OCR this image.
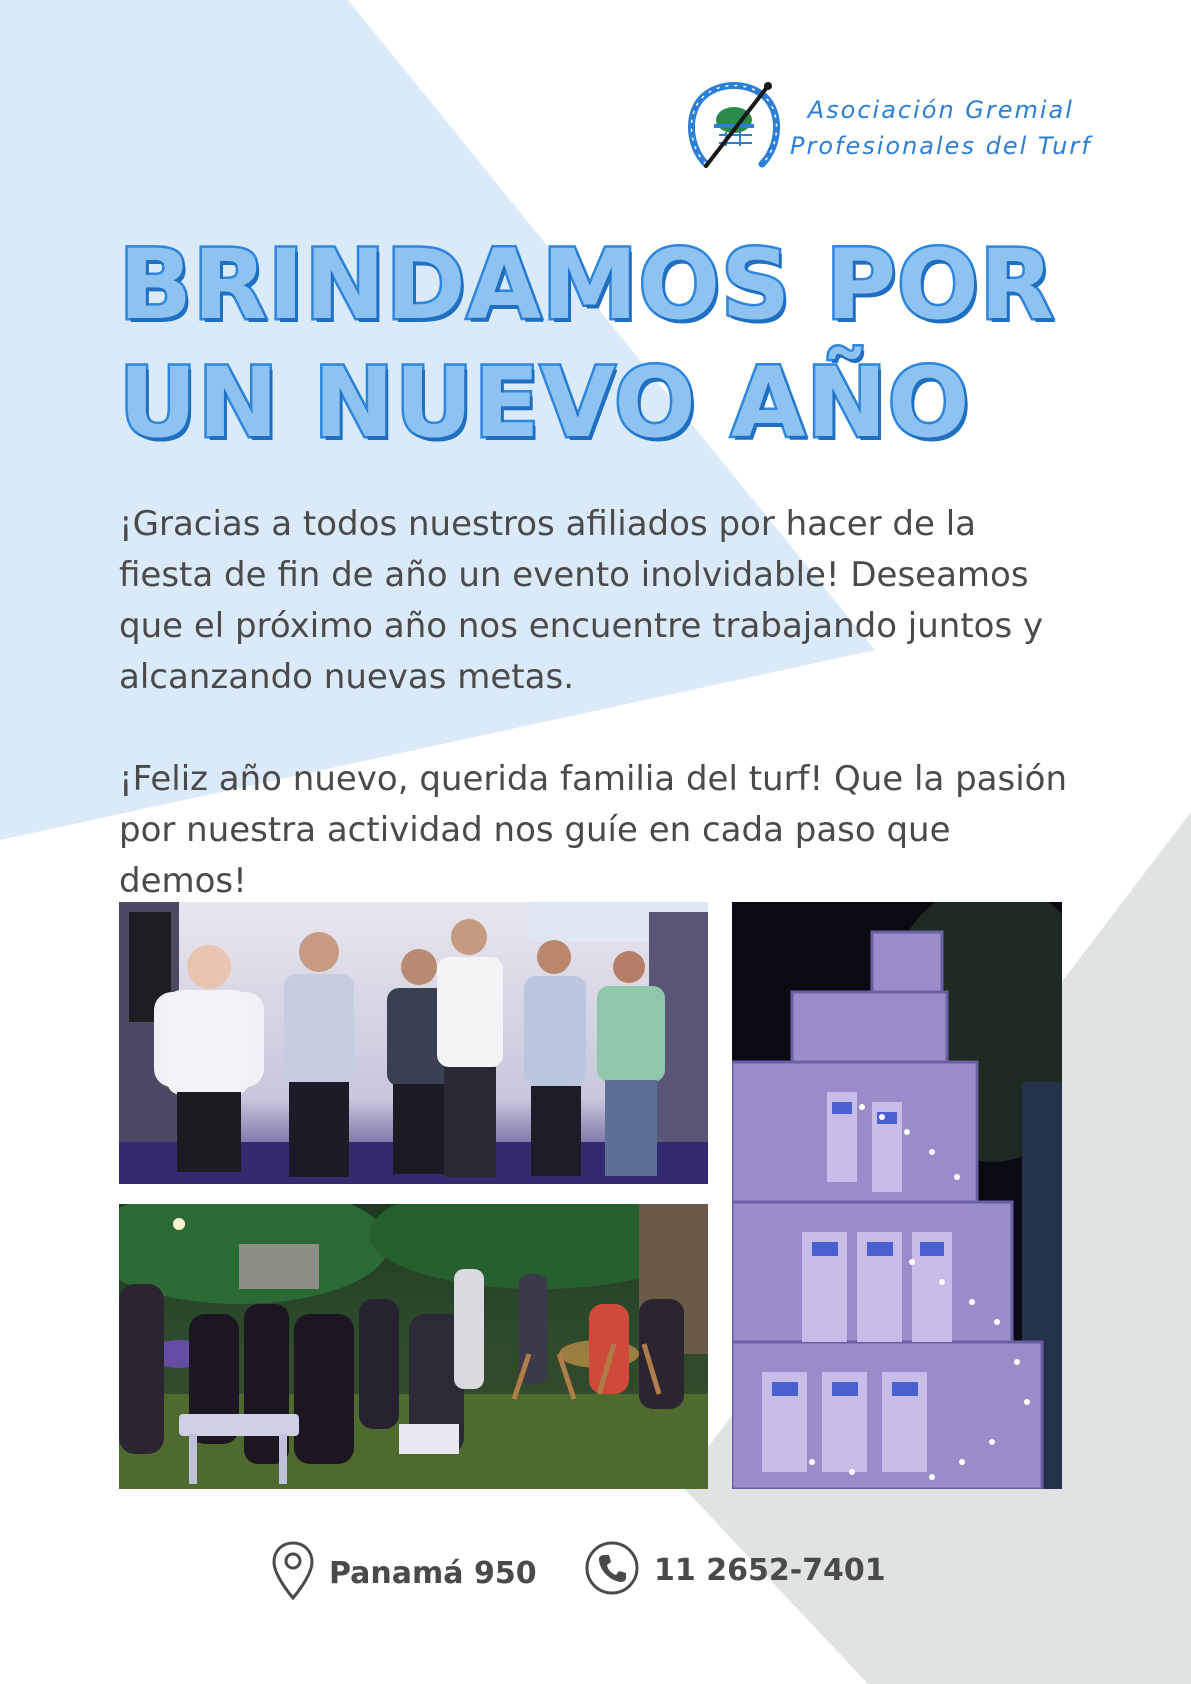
Asociación Gremial
Profesionales del Turf
BRINDAMOS POR
UN NUEVO AÑO

¡Gracias a todos nuestros afiliados por hacer de la fiesta de fin de año un evento inolvidable! Deseamos que el próximo año nos encuentre trabajando juntos y alcanzando nuevas metas.

¡Feliz año nuevo, querida familia del turf! Que la pasión por nuestra actividad nos guíe en cada paso que demos!

Panamá 950	11 2652-7401
